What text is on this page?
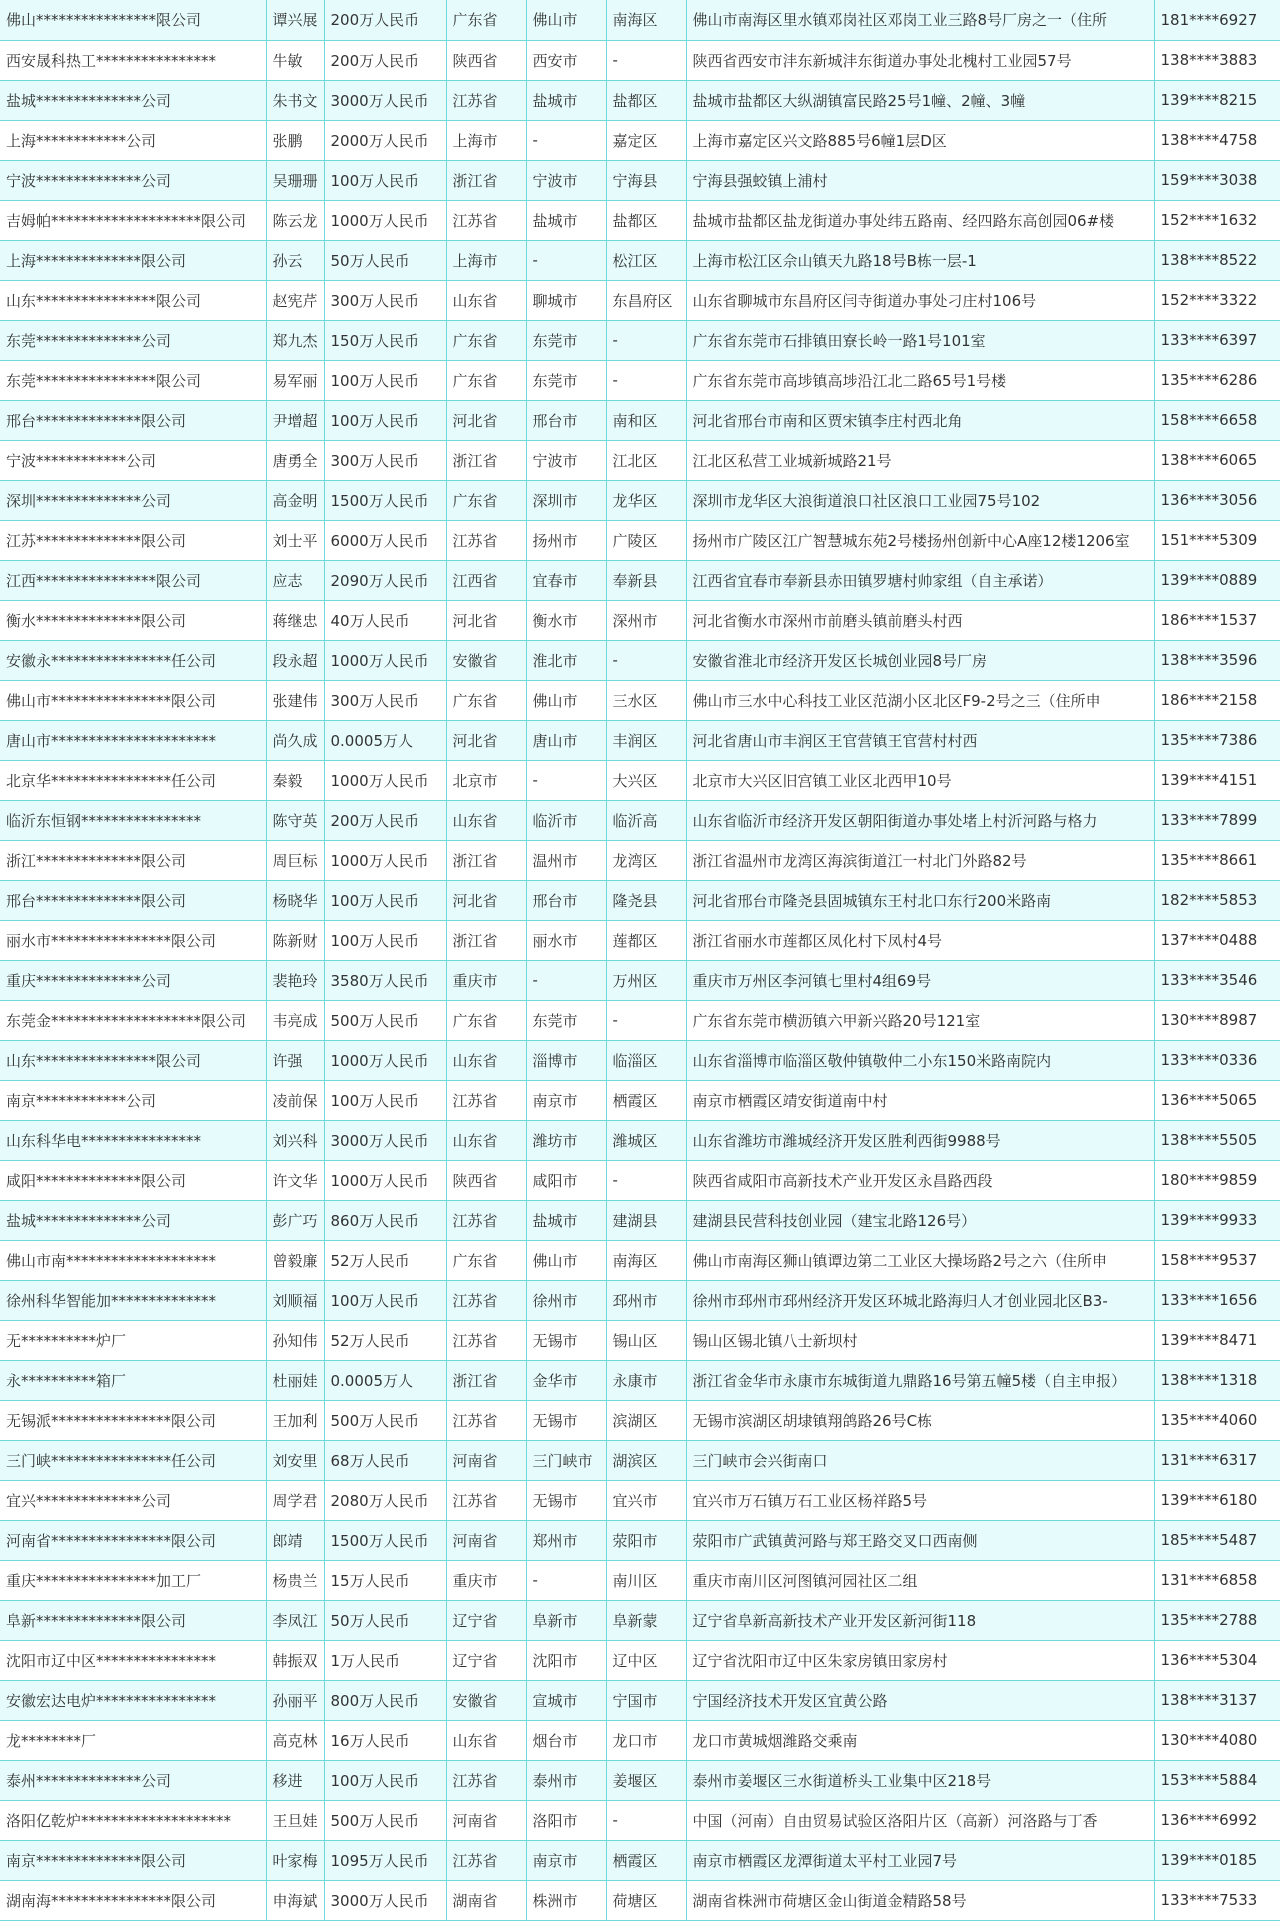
佛山****************限公司	谭兴展	200万人民币	广东省	佛山市	南海区	佛山市南海区里水镇邓岗社区邓岗工业三路8号厂房之一（住所	181****6927
西安晟科热工****************	牛敏	200万人民币	陕西省	西安市	-	陕西省西安市沣东新城沣东街道办事处北槐村工业园57号	138****3883
盐城**************公司	朱书文	3000万人民币	江苏省	盐城市	盐都区	盐城市盐都区大纵湖镇富民路25号1幢、2幢、3幢	139****8215
上海************公司	张鹏	2000万人民币	上海市	-	嘉定区	上海市嘉定区兴文路885号6幢1层D区	138****4758
宁波**************公司	吴珊珊	100万人民币	浙江省	宁波市	宁海县	宁海县强蛟镇上浦村	159****3038
吉姆帕********************限公司	陈云龙	1000万人民币	江苏省	盐城市	盐都区	盐城市盐都区盐龙街道办事处纬五路南、经四路东高创园06#楼	152****1632
上海**************限公司	孙云	50万人民币	上海市	-	松江区	上海市松江区佘山镇天九路18号B栋一层-1	138****8522
山东****************限公司	赵宪芹	300万人民币	山东省	聊城市	东昌府区	山东省聊城市东昌府区闫寺街道办事处刁庄村106号	152****3322
东莞**************公司	郑九杰	150万人民币	广东省	东莞市	-	广东省东莞市石排镇田寮长岭一路1号101室	133****6397
东莞****************限公司	易军丽	100万人民币	广东省	东莞市	-	广东省东莞市高埗镇高埗沿江北二路65号1号楼	135****6286
邢台**************限公司	尹增超	100万人民币	河北省	邢台市	南和区	河北省邢台市南和区贾宋镇李庄村西北角	158****6658
宁波************公司	唐勇全	300万人民币	浙江省	宁波市	江北区	江北区私营工业城新城路21号	138****6065
深圳**************公司	高金明	1500万人民币	广东省	深圳市	龙华区	深圳市龙华区大浪街道浪口社区浪口工业园75号102	136****3056
江苏**************限公司	刘士平	6000万人民币	江苏省	扬州市	广陵区	扬州市广陵区江广智慧城东苑2号楼扬州创新中心A座12楼1206室	151****5309
江西****************限公司	应志	2090万人民币	江西省	宜春市	奉新县	江西省宜春市奉新县赤田镇罗塘村帅家组（自主承诺）	139****0889
衡水**************限公司	蒋继忠	40万人民币	河北省	衡水市	深州市	河北省衡水市深州市前磨头镇前磨头村西	186****1537
安徽永****************任公司	段永超	1000万人民币	安徽省	淮北市	-	安徽省淮北市经济开发区长城创业园8号厂房	138****3596
佛山市****************限公司	张建伟	300万人民币	广东省	佛山市	三水区	佛山市三水中心科技工业区范湖小区北区F9-2号之三（住所申	186****2158
唐山市**********************	尚久成	0.0005万人	河北省	唐山市	丰润区	河北省唐山市丰润区王官营镇王官营村村西	135****7386
北京华****************任公司	秦毅	1000万人民币	北京市	-	大兴区	北京市大兴区旧宫镇工业区北西甲10号	139****4151
临沂东恒钢****************	陈守英	200万人民币	山东省	临沂市	临沂高	山东省临沂市经济开发区朝阳街道办事处堵上村沂河路与格力	133****7899
浙江**************限公司	周巨标	1000万人民币	浙江省	温州市	龙湾区	浙江省温州市龙湾区海滨街道江一村北门外路82号	135****8661
邢台**************限公司	杨晓华	100万人民币	河北省	邢台市	隆尧县	河北省邢台市隆尧县固城镇东王村北口东行200米路南	182****5853
丽水市****************限公司	陈新财	100万人民币	浙江省	丽水市	莲都区	浙江省丽水市莲都区凤化村下凤村4号	137****0488
重庆**************公司	裴艳玲	3580万人民币	重庆市	-	万州区	重庆市万州区李河镇七里村4组69号	133****3546
东莞金********************限公司	韦亮成	500万人民币	广东省	东莞市	-	广东省东莞市横沥镇六甲新兴路20号121室	130****8987
山东****************限公司	许强	1000万人民币	山东省	淄博市	临淄区	山东省淄博市临淄区敬仲镇敬仲二小东150米路南院内	133****0336
南京************公司	凌前保	100万人民币	江苏省	南京市	栖霞区	南京市栖霞区靖安街道南中村	136****5065
山东科华电****************	刘兴科	3000万人民币	山东省	潍坊市	潍城区	山东省潍坊市潍城经济开发区胜利西街9988号	138****5505
咸阳**************限公司	许文华	1000万人民币	陕西省	咸阳市	-	陕西省咸阳市高新技术产业开发区永昌路西段	180****9859
盐城**************公司	彭广巧	860万人民币	江苏省	盐城市	建湖县	建湖县民营科技创业园（建宝北路126号）	139****9933
佛山市南********************	曾毅廉	52万人民币	广东省	佛山市	南海区	佛山市南海区狮山镇谭边第二工业区大操场路2号之六（住所申	158****9537
徐州科华智能加**************	刘顺福	100万人民币	江苏省	徐州市	邳州市	徐州市邳州市邳州经济开发区环城北路海归人才创业园北区B3-	133****1656
无**********炉厂	孙知伟	52万人民币	江苏省	无锡市	锡山区	锡山区锡北镇八士新坝村	139****8471
永**********箱厂	杜丽娃	0.0005万人	浙江省	金华市	永康市	浙江省金华市永康市东城街道九鼎路16号第五幢5楼（自主申报）	138****1318
无锡派****************限公司	王加利	500万人民币	江苏省	无锡市	滨湖区	无锡市滨湖区胡埭镇翔鸽路26号C栋	135****4060
三门峡****************任公司	刘安里	68万人民币	河南省	三门峡市	湖滨区	三门峡市会兴街南口	131****6317
宜兴**************公司	周学君	2080万人民币	江苏省	无锡市	宜兴市	宜兴市万石镇万石工业区杨祥路5号	139****6180
河南省****************限公司	郎靖	1500万人民币	河南省	郑州市	荥阳市	荥阳市广武镇黄河路与郑王路交叉口西南侧	185****5487
重庆****************加工厂	杨贵兰	15万人民币	重庆市	-	南川区	重庆市南川区河图镇河园社区二组	131****6858
阜新**************限公司	李凤江	50万人民币	辽宁省	阜新市	阜新蒙	辽宁省阜新高新技术产业开发区新河街118	135****2788
沈阳市辽中区****************	韩振双	1万人民币	辽宁省	沈阳市	辽中区	辽宁省沈阳市辽中区朱家房镇田家房村	136****5304
安徽宏达电炉****************	孙丽平	800万人民币	安徽省	宣城市	宁国市	宁国经济技术开发区宜黄公路	138****3137
龙********厂	高克林	16万人民币	山东省	烟台市	龙口市	龙口市黄城烟潍路交乘南	130****4080
泰州**************公司	移进	100万人民币	江苏省	泰州市	姜堰区	泰州市姜堰区三水街道桥头工业集中区218号	153****5884
洛阳亿乾炉********************	王旦娃	500万人民币	河南省	洛阳市	-	中国（河南）自由贸易试验区洛阳片区（高新）河洛路与丁香	136****6992
南京**************限公司	叶家梅	1095万人民币	江苏省	南京市	栖霞区	南京市栖霞区龙潭街道太平村工业园7号	139****0185
湖南海****************限公司	申海斌	3000万人民币	湖南省	株洲市	荷塘区	湖南省株洲市荷塘区金山街道金精路58号	133****7533
